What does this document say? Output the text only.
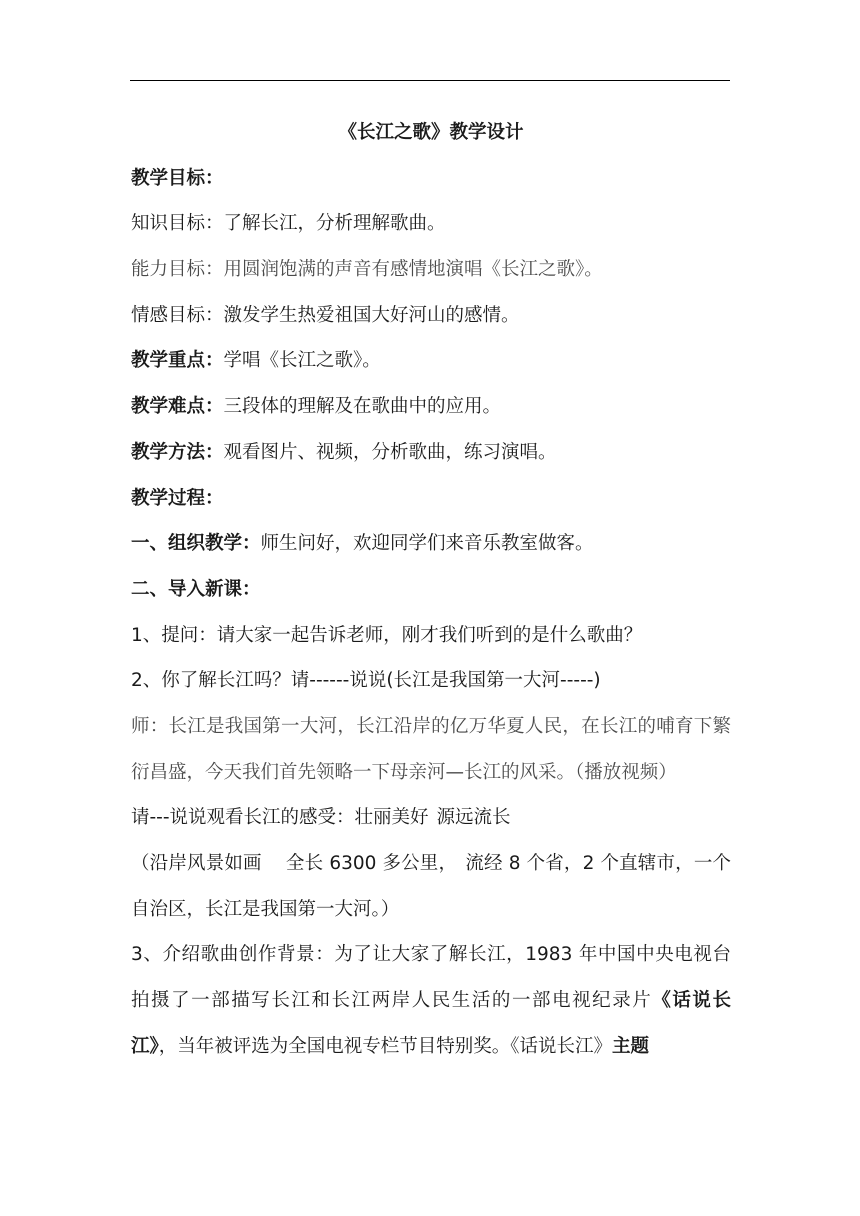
《长江之歌》教学设计
教学目标：
知识目标：了解长江，分析理解歌曲。
能力目标：用圆润饱满的声音有感情地演唱《长江之歌》。
情感目标：激发学生热爱祖国大好河山的感情。
教学重点：学唱《长江之歌》。
教学难点：三段体的理解及在歌曲中的应用。
教学方法：观看图片、视频，分析歌曲，练习演唱。
教学过程：
一、组织教学：师生问好，欢迎同学们来音乐教室做客。
二、导入新课：
1、提问：请大家一起告诉老师，刚才我们听到的是什么歌曲？
2、你了解长江吗？请------说说(长江是我国第一大河-----)
师：长江是我国第一大河，长江沿岸的亿万华夏人民，在长江的哺育下繁衍昌盛，今天我们首先领略一下母亲河—长江的风采。（播放视频）
请---说说观看长江的感受：壮丽美好 源远流长
（沿岸风景如画 全长 6300 多公里， 流经 8 个省，2 个直辖市，一个自治区，长江是我国第一大河。）
3、介绍歌曲创作背景：为了让大家了解长江，1983 年中国中央电视台拍摄了一部描写长江和长江两岸人民生活的一部电视纪录片《话说长江》，当年被评选为全国电视专栏节目特别奖。《话说长江》主题
